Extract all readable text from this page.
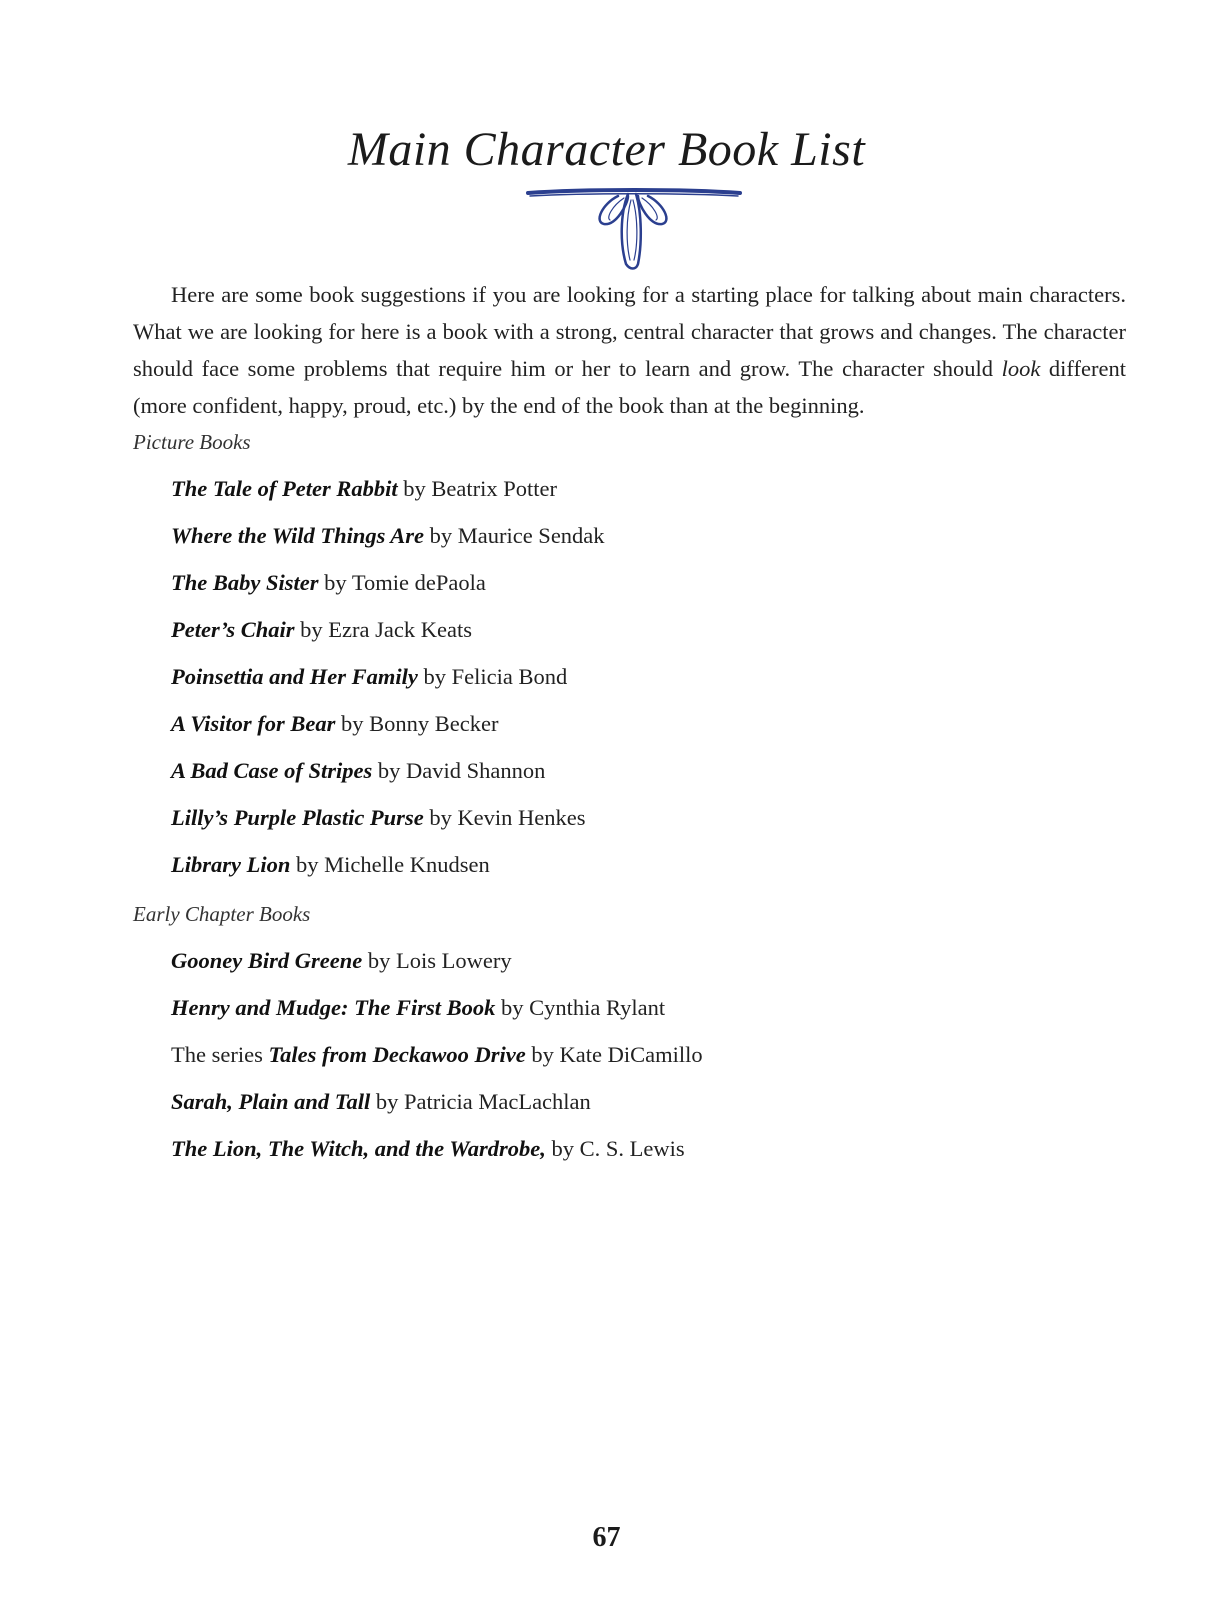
Main Character Book List

Here are some book suggestions if you are looking for a starting place for talking about main characters. What we are looking for here is a book with a strong, central character that grows and changes. The character should face some problems that require him or her to learn and grow. The character should look different (more confident, happy, proud, etc.) by the end of the book than at the beginning.

Picture Books
The Tale of Peter Rabbit by Beatrix Potter
Where the Wild Things Are by Maurice Sendak
The Baby Sister by Tomie dePaola
Peter’s Chair by Ezra Jack Keats
Poinsettia and Her Family by Felicia Bond
A Visitor for Bear by Bonny Becker
A Bad Case of Stripes by David Shannon
Lilly’s Purple Plastic Purse by Kevin Henkes
Library Lion by Michelle Knudsen
Early Chapter Books
Gooney Bird Greene by Lois Lowery
Henry and Mudge: The First Book by Cynthia Rylant
The series Tales from Deckawoo Drive by Kate DiCamillo
Sarah, Plain and Tall by Patricia MacLachlan
The Lion, The Witch, and the Wardrobe, by C. S. Lewis
67
